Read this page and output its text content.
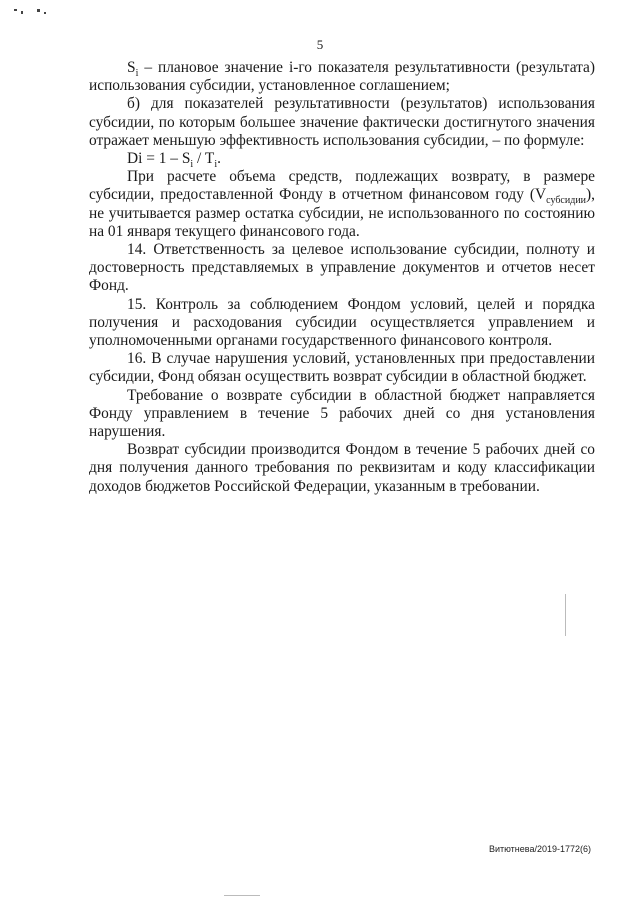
5

$S_i$ – плановое значение i-го показателя результативности (результата) использования субсидии, установленное соглашением;

б) для показателей результативности (результатов) использования субсидии, по которым большее значение фактически достигнутого значения отражает меньшую эффективность использования субсидии, – по формуле:

$Di = 1 - S_i / T_i$.

При расчете объема средств, подлежащих возврату, в размере субсидии, предоставленной Фонду в отчетном финансовом году $(V_{субсидии})$, не учитывается размер остатка субсидии, не использованного по состоянию на 01 января текущего финансового года.

14. Ответственность за целевое использование субсидии, полноту и достоверность представляемых в управление документов и отчетов несет Фонд.

15. Контроль за соблюдением Фондом условий, целей и порядка получения и расходования субсидии осуществляется управлением и уполномоченными органами государственного финансового контроля.

16. В случае нарушения условий, установленных при предоставлении субсидии, Фонд обязан осуществить возврат субсидии в областной бюджет.

Требование о возврате субсидии в областной бюджет направляется Фонду управлением в течение 5 рабочих дней со дня установления нарушения.

Возврат субсидии производится Фондом в течение 5 рабочих дней со дня получения данного требования по реквизитам и коду классификации доходов бюджетов Российской Федерации, указанным в требовании.

Витютнева/2019-1772(6)
